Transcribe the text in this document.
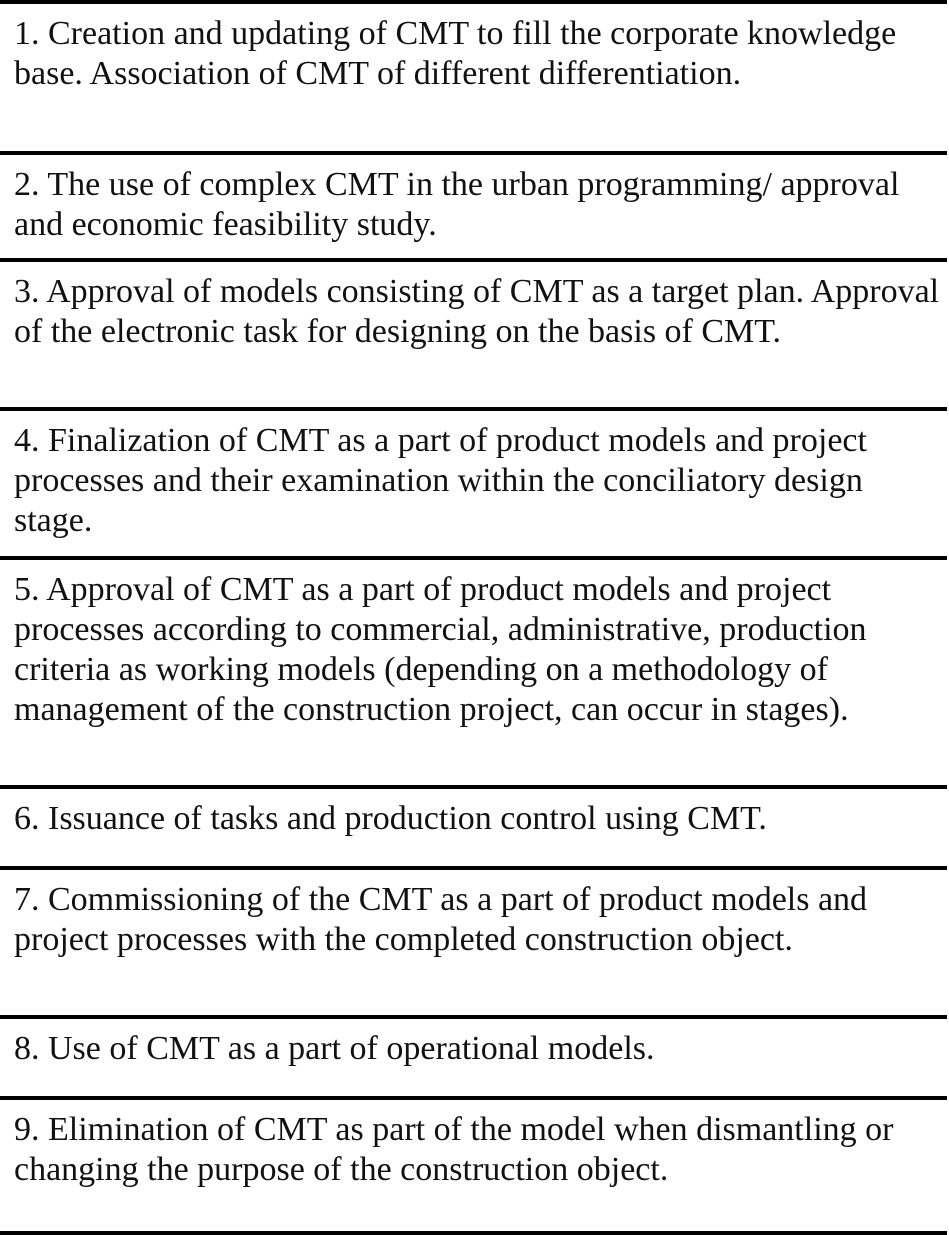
1. Creation and updating of CMT to fill the corporate knowledge base. Association of CMT of different differentiation.

2. The use of complex CMT in the urban programming/ approval and economic feasibility study.

3. Approval of models consisting of CMT as a target plan. Approval of the electronic task for designing on the basis of CMT.

4. Finalization of CMT as a part of product models and project processes and their examination within the conciliatory design stage.

5. Approval of CMT as a part of product models and project processes according to commercial, administrative, production criteria as working models (depending on a methodology of management of the construction project, can occur in stages).

6. Issuance of tasks and production control using CMT.

7. Commissioning of the CMT as a part of product models and project processes with the completed construction object.

8. Use of CMT as a part of operational models.

9. Elimination of CMT as part of the model when dismantling or changing the purpose of the construction object.
